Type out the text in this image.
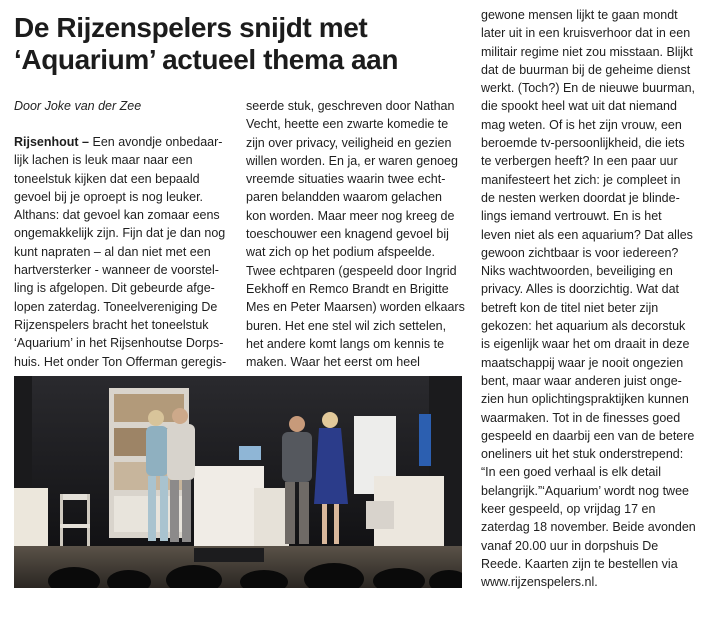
De Rijzenspelers snijdt met
‘Aquarium’ actueel thema aan
Door Joke van der Zee
Rijsenhout – Een avondje onbedaar-
lijk lachen is leuk maar naar een
toneelstuk kijken dat een bepaald
gevoel bij je oproept is nog leuker.
Althans: dat gevoel kan zomaar eens
ongemakkelijk zijn. Fijn dat je dan nog
kunt napraten – al dan niet met een
hartversterker - wanneer de voorstel-
ling is afgelopen. Dit gebeurde afge-
lopen zaterdag. Toneelvereniging De
Rijzenspelers bracht het toneelstuk
‘Aquarium’ in het Rijsenhoutse Dorps-
huis. Het onder Ton Offerman geregis-
seerde stuk, geschreven door Nathan
Vecht, heette een zwarte komedie te
zijn over privacy, veiligheid en gezien
willen worden. En ja, er waren genoeg
vreemde situaties waarin twee echt-
paren belandden waarom gelachen
kon worden. Maar meer nog kreeg de
toeschouwer een knagend gevoel bij
wat zich op het podium afspeelde.
Twee echtparen (gespeeld door Ingrid
Eekhoff en Remco Brandt en Brigitte
Mes en Peter Maarsen) worden elkaars
buren. Het ene stel wil zich settelen,
het andere komt langs om kennis te
maken. Waar het eerst om heel
gewone mensen lijkt te gaan mondt
later uit in een kruisverhoor dat in een
militair regime niet zou misstaan. Blijkt
dat de buurman bij de geheime dienst
werkt. (Toch?) En de nieuwe buurman,
die spookt heel wat uit dat niemand
mag weten. Of is het zijn vrouw, een
beroemde tv-persoonlijkheid, die iets
te verbergen heeft? In een paar uur
manifesteert het zich: je compleet in
de nesten werken doordat je blinde-
lings iemand vertrouwt. En is het
leven niet als een aquarium? Dat alles
gewoon zichtbaar is voor iedereen?
Niks wachtwoorden, beveiliging en
privacy. Alles is doorzichtig. Wat dat
betreft kon de titel niet beter zijn
gekozen: het aquarium als decorstuk
is eigenlijk waar het om draait in deze
maatschappij waar je nooit ongezien
bent, maar waar anderen juist onge-
zien hun oplichtingspraktijken kunnen
waarmaken. Tot in de finesses goed
gespeeld en daarbij een van de betere
oneliners uit het stuk onderstrepend:
“In een goed verhaal is elk detail
belangrijk.”‘Aquarium’ wordt nog twee
keer gespeeld, op vrijdag 17 en
zaterdag 18 november. Beide avonden
vanaf 20.00 uur in dorpshuis De
Reede. Kaarten zijn te bestellen via
www.rijzenspelers.nl.
